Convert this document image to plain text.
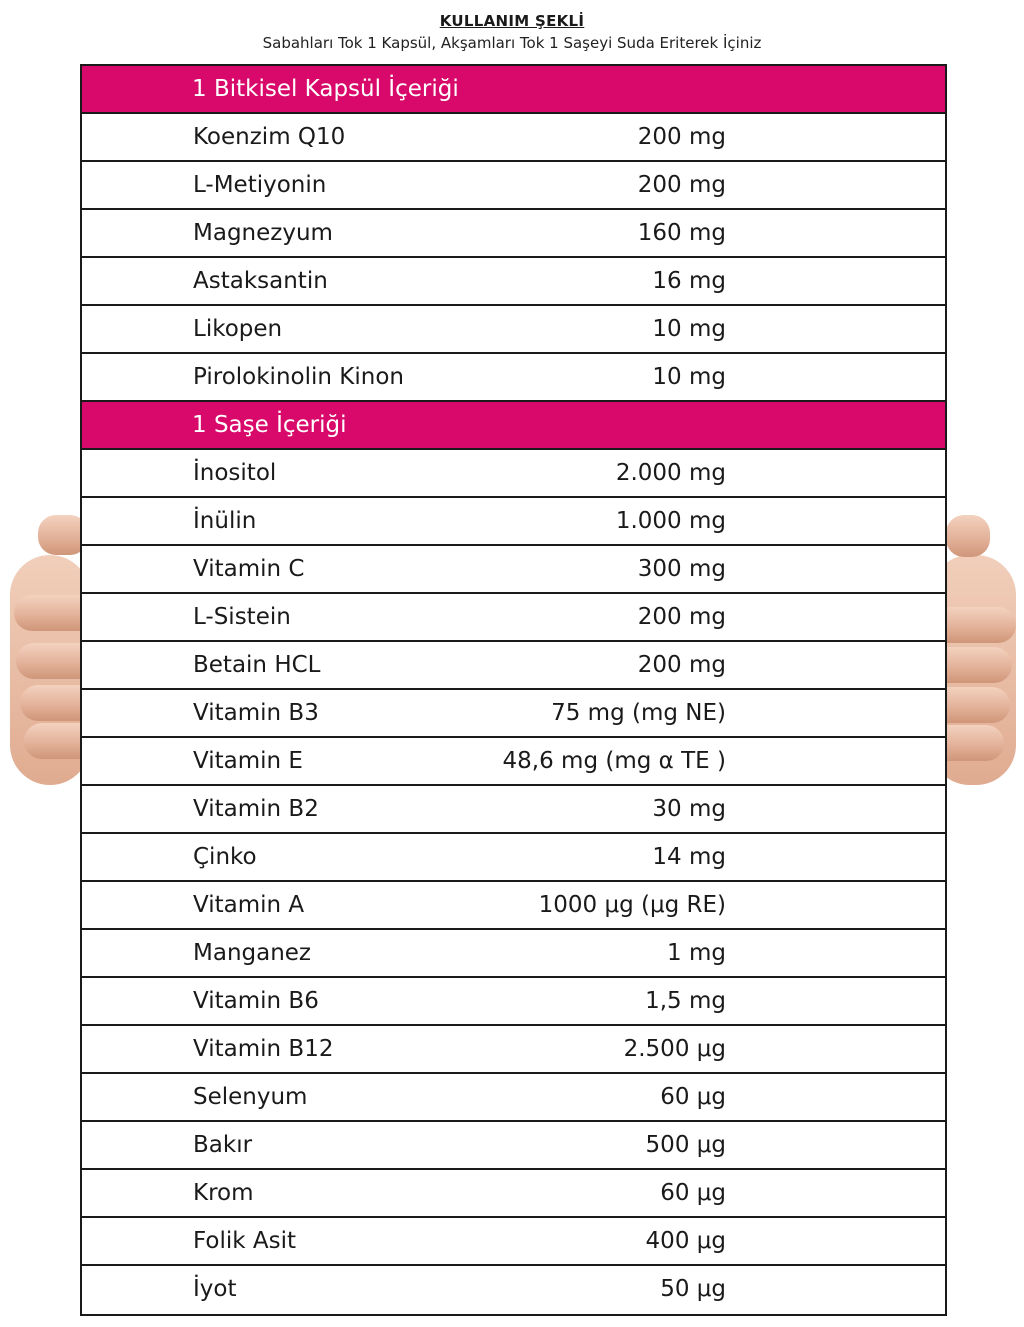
KULLANIM ŞEKLİ
Sabahları Tok 1 Kapsül, Akşamları Tok 1 Saşeyi Suda Eriterek İçiniz
1 Bitkisel Kapsül İçeriği
Koenzim Q10	200 mg
L-Metiyonin	200 mg
Magnezyum	160 mg
Astaksantin	16 mg
Likopen	10 mg
Pirolokinolin Kinon	10 mg
1 Saşe İçeriği
İnositol	2.000 mg
İnülin	1.000 mg
Vitamin C	300 mg
L-Sistein	200 mg
Betain HCL	200 mg
Vitamin B3	75 mg (mg NE)
Vitamin E	48,6 mg (mg α TE )
Vitamin B2	30 mg
Çinko	14 mg
Vitamin A	1000 μg (μg RE)
Manganez	1 mg
Vitamin B6	1,5 mg
Vitamin B12	2.500 μg
Selenyum	60 μg
Bakır	500 μg
Krom	60 μg
Folik Asit	400 μg
İyot	50 μg
